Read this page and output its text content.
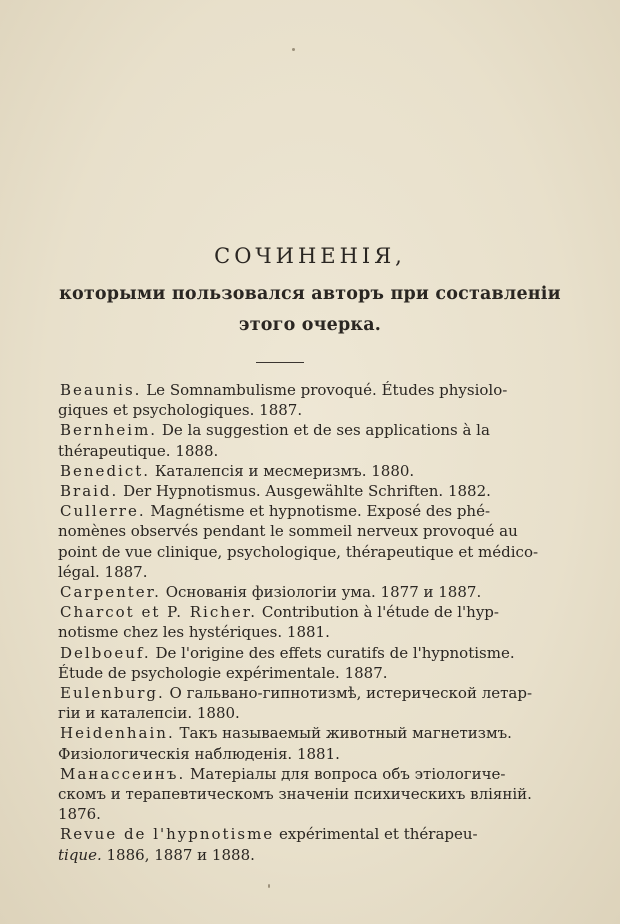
СОЧИНЕНІЯ,
которыми пользовался авторъ при составленіи
этого очерка.
Beaunis. Le Somnambulisme provoqué. Études physiolo-
giques et psychologiques. 1887.
Bernheim. De la suggestion et de ses applications à la
thérapeutique. 1888.
Benedict. Каталепсія и месмеризмъ. 1880.
Braid. Der Hypnotismus. Ausgewählte Schriften. 1882.
Cullerre. Magnétisme et hypnotisme. Exposé des phé-
nomènes observés pendant le sommeil nerveux provoqué au
point de vue clinique, psychologique, thérapeutique et médico-
légal. 1887.
Carpenter. Основанія физіологіи ума. 1877 и 1887.
Charcot et P. Richer. Contribution à l'étude de l'hyp-
notisme chez les hystériques. 1881.
Delboeuf. De l'origine des effets curatifs de l'hypnotisme.
Étude de psychologie expérimentale. 1887.
Eulenburg. О гальвано-гипнотизмѣ, истерической летар-
гіи и каталепсіи. 1880.
Heidenhain. Такъ называемый животный магнетизмъ.
Физіологическія наблюденія. 1881.
Манассеинъ. Матеріалы для вопроса объ этіологиче-
скомъ и терапевтическомъ значеніи психическихъ вліяній.
1876.
Revue de l'hypnotisme expérimental et thérapeu-
tique. 1886, 1887 и 1888.
